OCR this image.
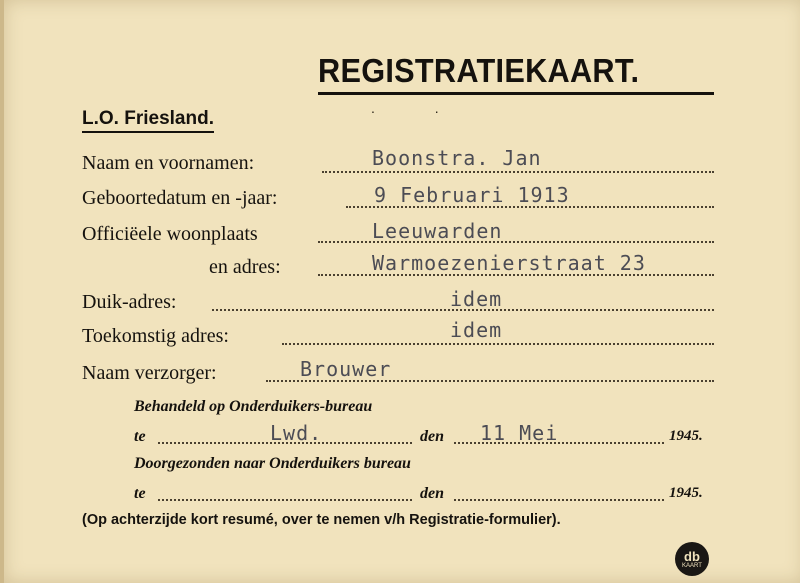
REGISTRATIEKAART.
. .
L.O. Friesland.
Naam en voornamen:	Boonstra. Jan
Geboortedatum en -jaar:	9 Februari 1913
Officiëele woonplaats	Leeuwarden
en adres:	Warmoezenierstraat 23
Duik-adres:	idem
Toekomstig adres:	idem
Naam verzorger:	Brouwer
Behandeld op Onderduikers-bureau
te	Lwd.	den 11 Mei	1945.
Doorgezonden naar Onderduikers bureau
te	den	1945.
(Op achterzijde kort resumé, over te nemen v/h Registratie-formulier).
db
KAART
